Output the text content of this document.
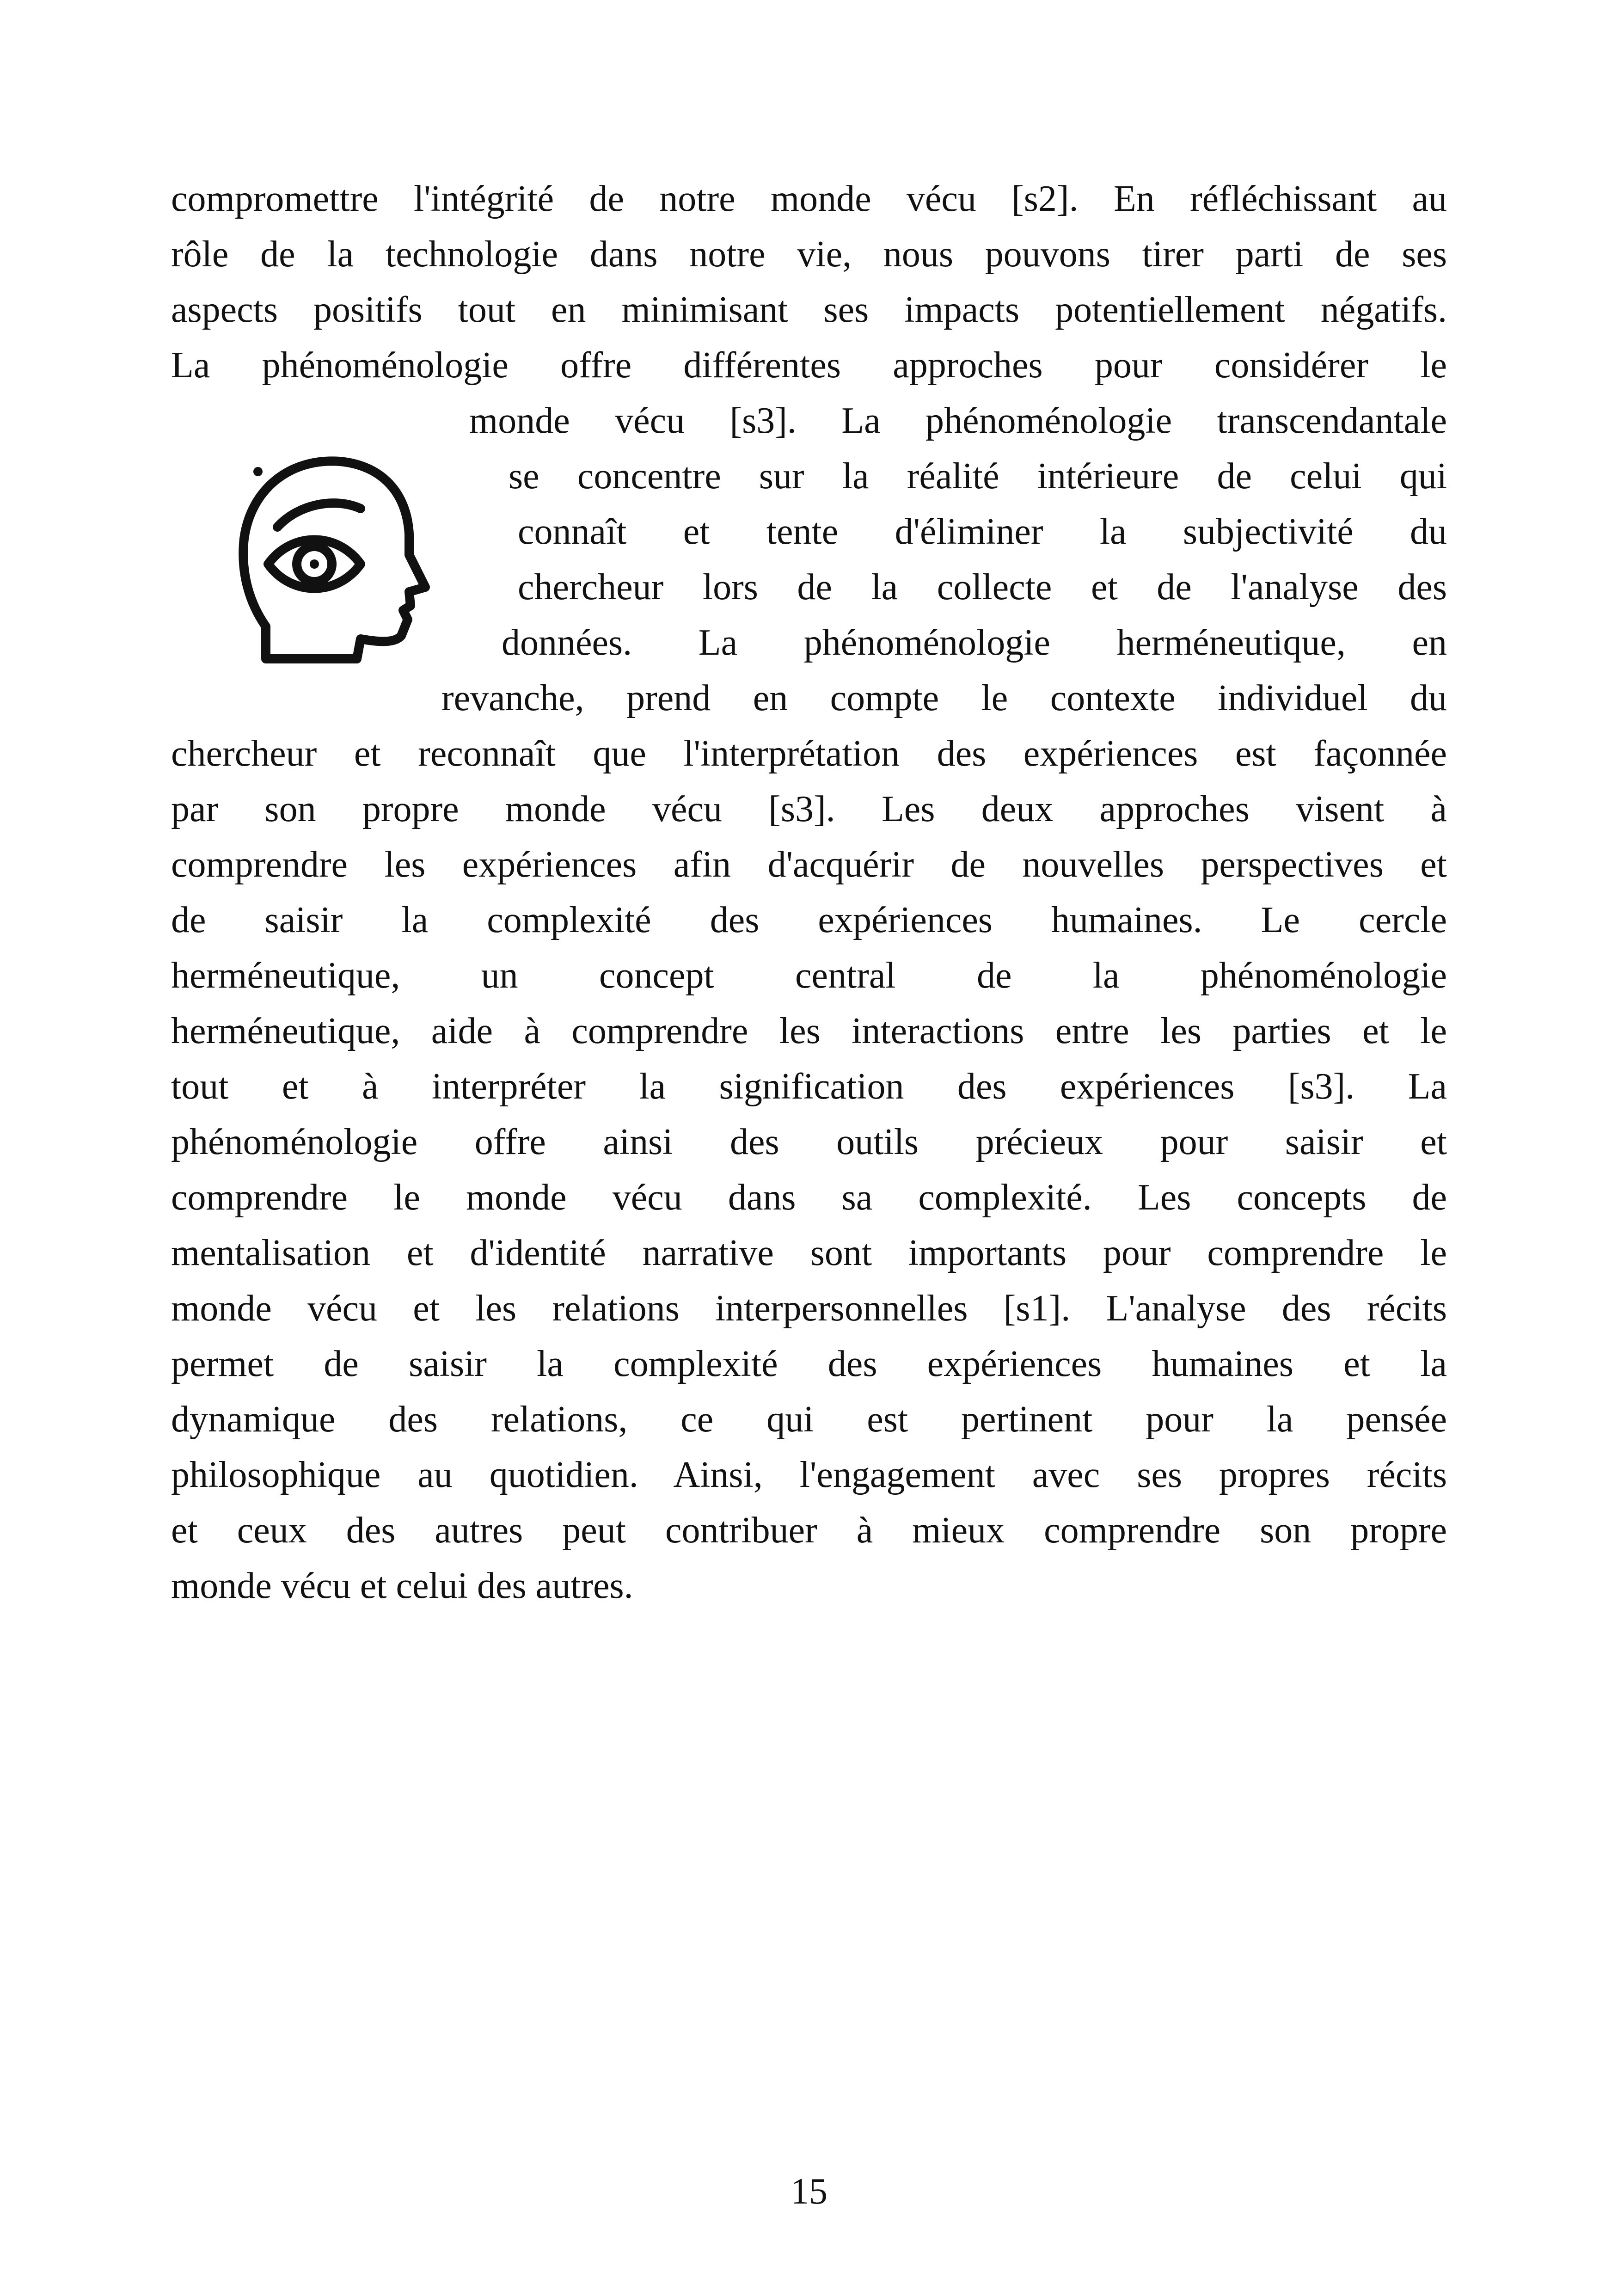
compromettre l'intégrité de notre monde vécu [s2]. En réfléchissant au
rôle de la technologie dans notre vie, nous pouvons tirer parti de ses
aspects positifs tout en minimisant ses impacts potentiellement négatifs.
La phénoménologie offre différentes approches pour considérer le
monde vécu [s3]. La phénoménologie transcendantale
se concentre sur la réalité intérieure de celui qui
connaît et tente d'éliminer la subjectivité du
chercheur lors de la collecte et de l'analyse des
données. La phénoménologie herméneutique, en
revanche, prend en compte le contexte individuel du
chercheur et reconnaît que l'interprétation des expériences est façonnée
par son propre monde vécu [s3]. Les deux approches visent à
comprendre les expériences afin d'acquérir de nouvelles perspectives et
de saisir la complexité des expériences humaines. Le cercle
herméneutique, un concept central de la phénoménologie
herméneutique, aide à comprendre les interactions entre les parties et le
tout et à interpréter la signification des expériences [s3]. La
phénoménologie offre ainsi des outils précieux pour saisir et
comprendre le monde vécu dans sa complexité. Les concepts de
mentalisation et d'identité narrative sont importants pour comprendre le
monde vécu et les relations interpersonnelles [s1]. L'analyse des récits
permet de saisir la complexité des expériences humaines et la
dynamique des relations, ce qui est pertinent pour la pensée
philosophique au quotidien. Ainsi, l'engagement avec ses propres récits
et ceux des autres peut contribuer à mieux comprendre son propre
monde vécu et celui des autres.
15
